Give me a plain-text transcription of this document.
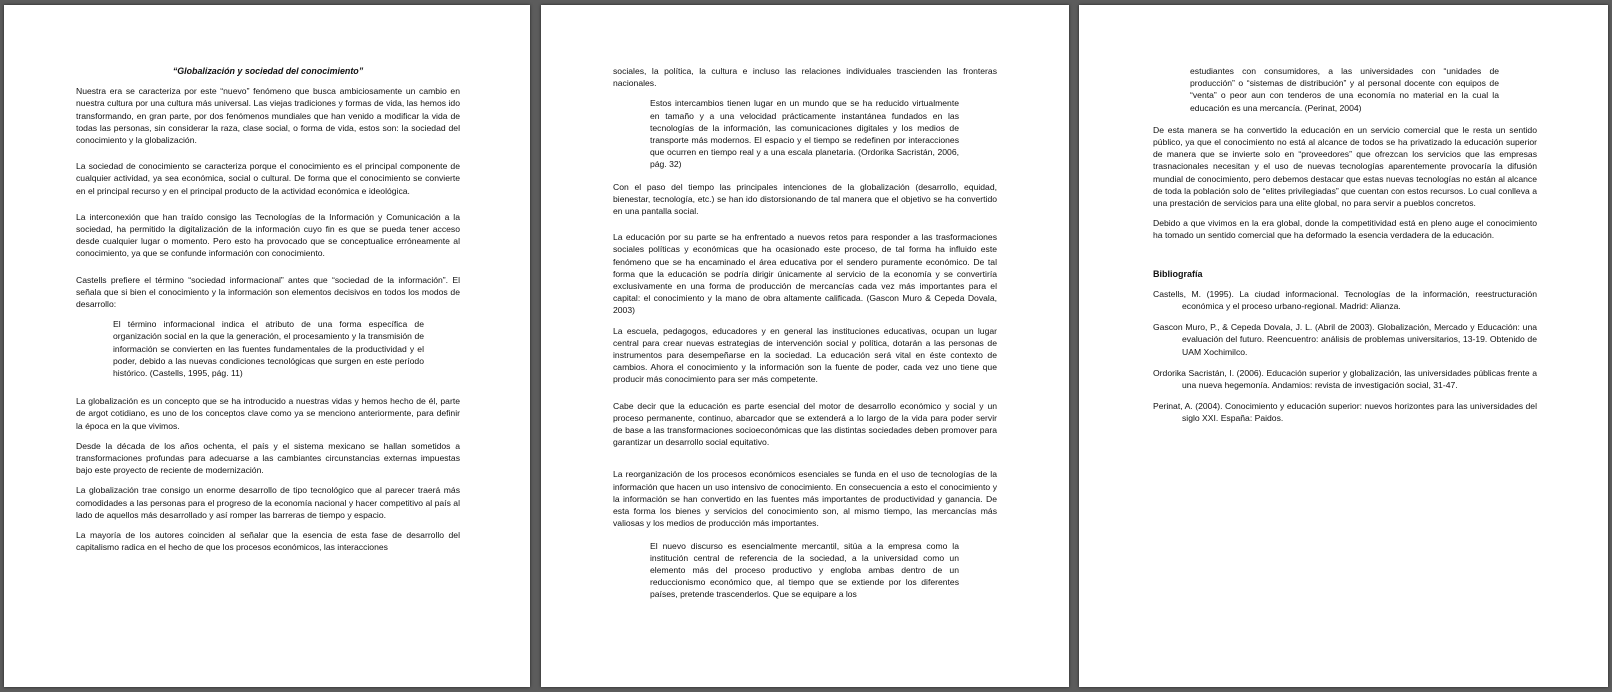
“Globalización y sociedad del conocimiento”

Nuestra era se caracteriza por este “nuevo” fenómeno que busca ambiciosamente un cambio en nuestra cultura por una cultura más universal. Las viejas tradiciones y formas de vida, las hemos ido transformando, en gran parte, por dos fenómenos mundiales que han venido a modificar la vida de todas las personas, sin considerar la raza, clase social, o forma de vida, estos son: la sociedad del conocimiento y la globalización.

La sociedad de conocimiento se caracteriza porque el conocimiento es el principal componente de cualquier actividad, ya sea económica, social o cultural. De forma que el conocimiento se convierte en el principal recurso y en el principal producto de la actividad económica e ideológica.

La interconexión que han traído consigo las Tecnologías de la Información y Comunicación a la sociedad, ha permitido la digitalización de la información cuyo fin es que se pueda tener acceso desde cualquier lugar o momento. Pero esto ha provocado que se conceptualice erróneamente al conocimiento, ya que se confunde información con conocimiento.

Castells prefiere el término “sociedad informacional” antes que “sociedad de la información”. El señala que si bien el conocimiento y la información son elementos decisivos en todos los modos de desarrollo:

El término informacional indica el atributo de una forma específica de organización social en la que la generación, el procesamiento y la transmisión de información se convierten en las fuentes fundamentales de la productividad y el poder, debido a las nuevas condiciones tecnológicas que surgen en este período histórico. (Castells, 1995, pág. 11)

La globalización es un concepto que se ha introducido a nuestras vidas y hemos hecho de él, parte de argot cotidiano, es uno de los conceptos clave como ya se menciono anteriormente, para definir la época en la que vivimos.

Desde la década de los años ochenta, el país y el sistema mexicano se hallan sometidos a transformaciones profundas para adecuarse a las cambiantes circunstancias externas impuestas bajo este proyecto de reciente de modernización.

La globalización trae consigo un enorme desarrollo de tipo tecnológico que al parecer traerá más comodidades a las personas para el progreso de la economía nacional y hacer competitivo al país al lado de aquellos más desarrollado y así romper las barreras de tiempo y espacio.

La mayoría de los autores coinciden al señalar que la esencia de esta fase de desarrollo del capitalismo radica en el hecho de que los procesos económicos, las interacciones

sociales, la política, la cultura e incluso las relaciones individuales trascienden las fronteras nacionales.

Estos intercambios tienen lugar en un mundo que se ha reducido virtualmente en tamaño y a una velocidad prácticamente instantánea fundados en las tecnologías de la información, las comunicaciones digitales y los medios de transporte más modernos. El espacio y el tiempo se redefinen por interacciones que ocurren en tiempo real y a una escala planetaria. (Ordorika Sacristán, 2006, pág. 32)

Con el paso del tiempo las principales intenciones de la globalización (desarrollo, equidad, bienestar, tecnología, etc.) se han ido distorsionando de tal manera que el objetivo se ha convertido en una pantalla social.

La educación por su parte se ha enfrentado a nuevos retos para responder a las trasformaciones sociales políticas y económicas que ha ocasionado este proceso, de tal forma ha influido este fenómeno que se ha encaminado el área educativa por el sendero puramente económico. De tal forma que la educación se podría dirigir únicamente al servicio de la economía y se convertiría exclusivamente en una forma de producción de mercancías cada vez más importantes para el capital: el conocimiento y la mano de obra altamente calificada. (Gascon Muro & Cepeda Dovala, 2003)

La escuela, pedagogos, educadores y en general las instituciones educativas, ocupan un lugar central para crear nuevas estrategias de intervención social y política, dotarán a las personas de instrumentos para desempeñarse en la sociedad. La educación será vital en éste contexto de cambios. Ahora el conocimiento y la información son la fuente de poder, cada vez uno tiene que producir más conocimiento para ser más competente.

Cabe decir que la educación es parte esencial del motor de desarrollo económico y social y un proceso permanente, continuo, abarcador que se extenderá a lo largo de la vida para poder servir de base a las transformaciones socioeconómicas que las distintas sociedades deben promover para garantizar un desarrollo social equitativo.

La reorganización de los procesos económicos esenciales se funda en el uso de tecnologías de la información que hacen un uso intensivo de conocimiento. En consecuencia a esto el conocimiento y la información se han convertido en las fuentes más importantes de productividad y ganancia. De esta forma los bienes y servicios del conocimiento son, al mismo tiempo, las mercancías más valiosas y los medios de producción más importantes.

El nuevo discurso es esencialmente mercantil, sitúa a la empresa como la institución central de referencia de la sociedad, a la universidad como un elemento más del proceso productivo y engloba ambas dentro de un reduccionismo económico que, al tiempo que se extiende por los diferentes países, pretende trascenderlos. Que se equipare a los
estudiantes con consumidores, a las universidades con “unidades de producción” o “sistemas de distribución” y al personal docente con equipos de “venta” o peor aun con tenderos de una economía no material en la cual la educación es una mercancía. (Perinat, 2004)

De esta manera se ha convertido la educación en un servicio comercial que le resta un sentido público, ya que el conocimiento no está al alcance de todos se ha privatizado la educación superior de manera que se invierte solo en “proveedores” que ofrezcan los servicios que las empresas trasnacionales necesitan y el uso de nuevas tecnologías aparentemente provocaría la difusión mundial de conocimiento, pero debemos destacar que estas nuevas tecnologías no están al alcance de toda la población solo de “elites privilegiadas” que cuentan con estos recursos. Lo cual conlleva a una prestación de servicios para una elite global, no para servir a pueblos concretos.

Debido a que vivimos en la era global, donde la competitividad está en pleno auge el conocimiento ha tomado un sentido comercial que ha deformado la esencia verdadera de la educación.

Bibliografía
Castells, M. (1995). La ciudad informacional. Tecnologías de la información, reestructuración económica y el proceso urbano-regional. Madrid: Alianza.
Gascon Muro, P., & Cepeda Dovala, J. L. (Abril de 2003). Globalización, Mercado y Educación: una evaluación del futuro. Reencuentro: análisis de problemas universitarios, 13-19. Obtenido de UAM Xochimilco.
Ordorika Sacristán, I. (2006). Educación superior y globalización, las universidades públicas frente a una nueva hegemonía. Andamios: revista de investigación social, 31-47.
Perinat, A. (2004). Conocimiento y educación superior: nuevos horizontes para las universidades del siglo XXI. España: Paidos.
